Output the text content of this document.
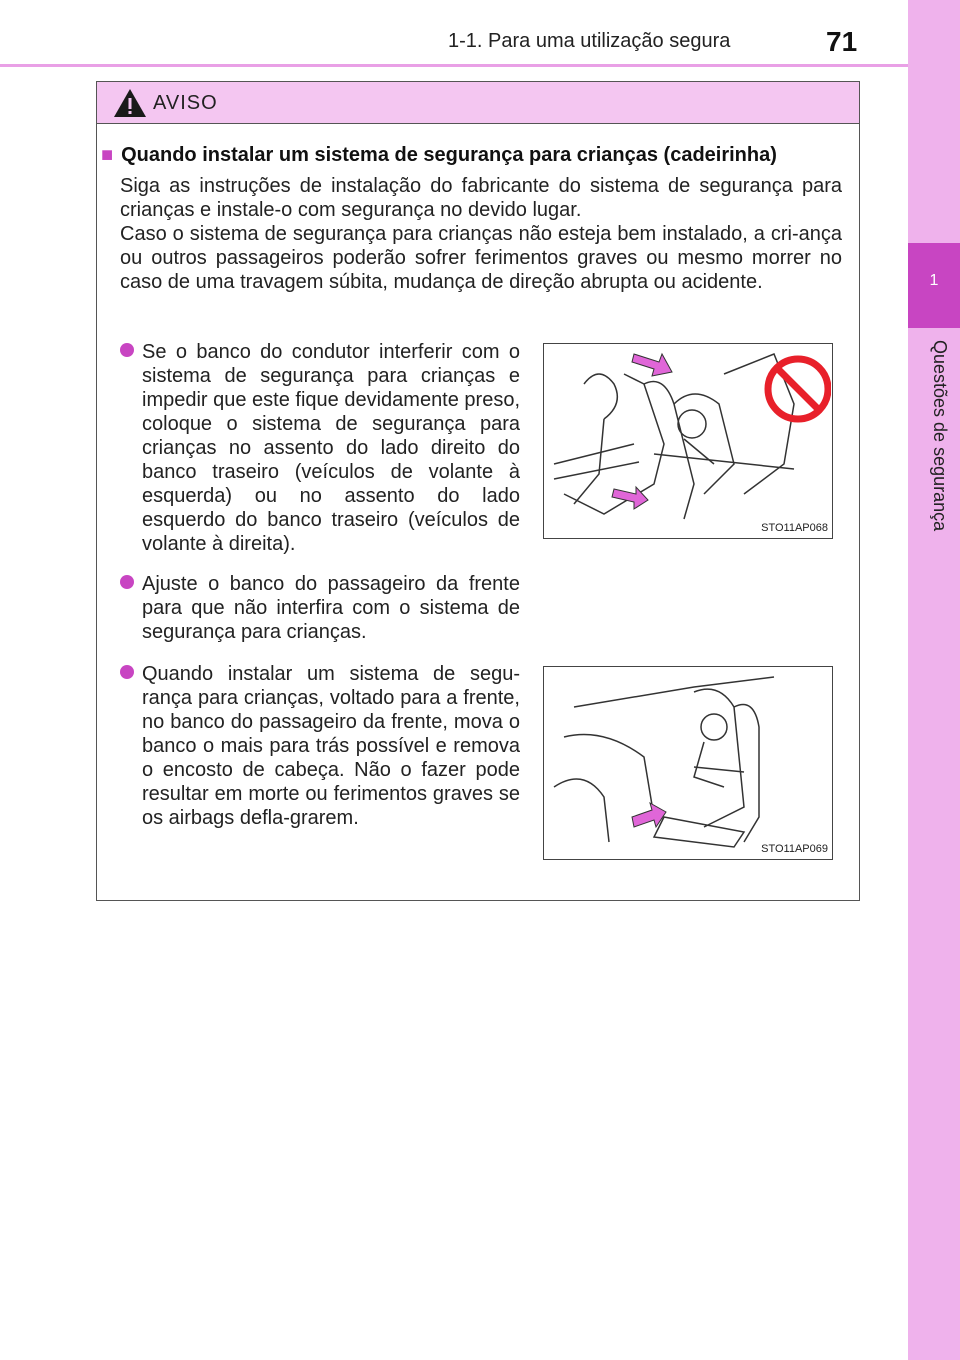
1-1. Para uma utilização segura	71
1
Questões de segurança
AVISO
■ Quando instalar um sistema de segurança para crianças (cadeirinha)
Siga as instruções de instalação do fabricante do sistema de segurança para crianças e instale-o com segurança no devido lugar.
Caso o sistema de segurança para crianças não esteja bem instalado, a cri-ança ou outros passageiros poderão sofrer ferimentos graves ou mesmo morrer no caso de uma travagem súbita, mudança de direção abrupta ou acidente.
Se o banco do condutor interferir com o sistema de segurança para crianças e impedir que este fique devidamente preso, coloque o sistema de segurança para crianças no assento do lado direito do banco traseiro (veículos de volante à esquerda) ou no assento do lado esquerdo do banco traseiro (veículos de volante à direita).
Ajuste o banco do passageiro da frente para que não interfira com o sistema de segurança para crianças.
Quando instalar um sistema de segu-rança para crianças, voltado para a frente, no banco do passageiro da frente, mova o banco o mais para trás possível e remova o encosto de cabeça. Não o fazer pode resultar em morte ou ferimentos graves se os airbags defla-grarem.
STO11AP068
STO11AP069
